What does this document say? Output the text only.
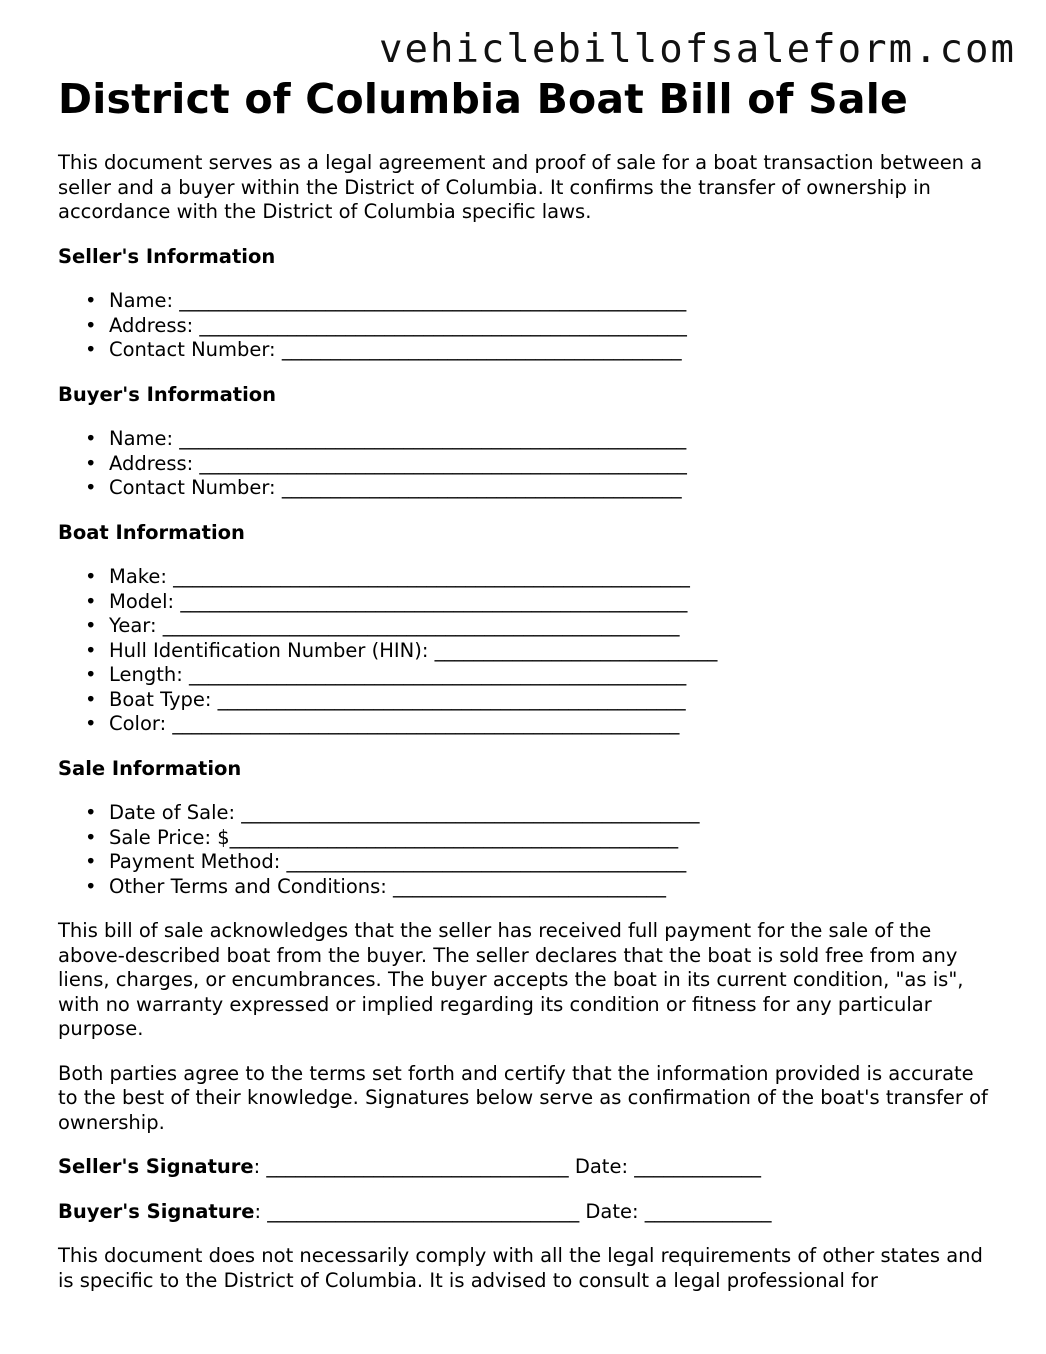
vehiclebillofsaleform.com
District of Columbia Boat Bill of Sale

This document serves as a legal agreement and proof of sale for a boat transaction between a seller and a buyer within the District of Columbia. It confirms the transfer of ownership in accordance with the District of Columbia specific laws.

Seller's Information
• Name: ____________________________________________________
• Address: __________________________________________________
• Contact Number: _________________________________________
Buyer's Information
• Name: ____________________________________________________
• Address: __________________________________________________
• Contact Number: _________________________________________
Boat Information
• Make: _____________________________________________________
• Model: ____________________________________________________
• Year: _____________________________________________________
• Hull Identification Number (HIN): _____________________________
• Length: ___________________________________________________
• Boat Type: ________________________________________________
• Color: ____________________________________________________
Sale Information
• Date of Sale: _______________________________________________
• Sale Price: $______________________________________________
• Payment Method: _________________________________________
• Other Terms and Conditions: ____________________________

This bill of sale acknowledges that the seller has received full payment for the sale of the above-described boat from the buyer. The seller declares that the boat is sold free from any liens, charges, or encumbrances. The buyer accepts the boat in its current condition, "as is", with no warranty expressed or implied regarding its condition or fitness for any particular purpose.

Both parties agree to the terms set forth and certify that the information provided is accurate to the best of their knowledge. Signatures below serve as confirmation of the boat's transfer of ownership.

Seller's Signature: _______________________________ Date: _____________

Buyer's Signature: ________________________________ Date: _____________

This document does not necessarily comply with all the legal requirements of other states and is specific to the District of Columbia. It is advised to consult a legal professional for
